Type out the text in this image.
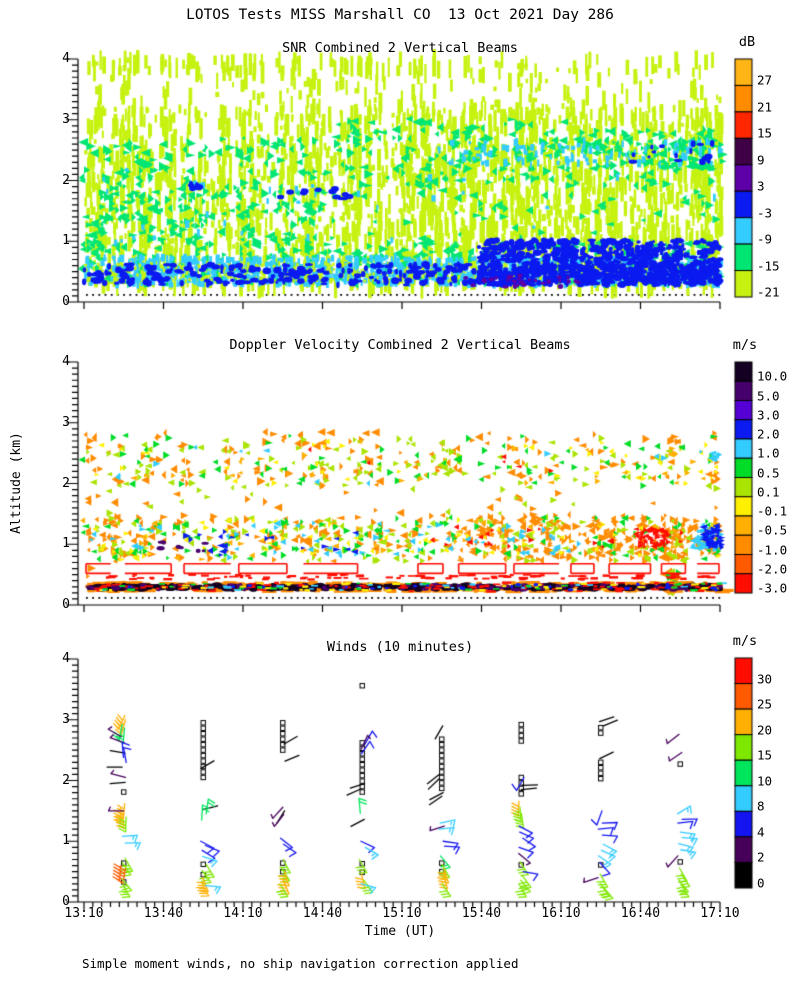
LOTOS Tests MISS Marshall CO  13 Oct 2021 Day 286
SNR Combined 2 Vertical Beams
Doppler Velocity Combined 2 Vertical Beams
Winds (10 minutes)
dB
m/s
m/s
Time (UT)
Altitude (km)
Simple moment winds, no ship navigation correction applied
0
1
2
3
4
0
1
2
3
4
0
1
2
3
4
13:10	13:40	14:10	14:40	15:10	15:40	16:10	16:40	17:10
27
21
15
9
3
-3
-9
-15
-21
10.0
5.0
3.0
2.0
1.0
0.5
0.1
-0.1
-0.5
-1.0
-2.0
-3.0
30
25
20
15
10
8
4
2
0
